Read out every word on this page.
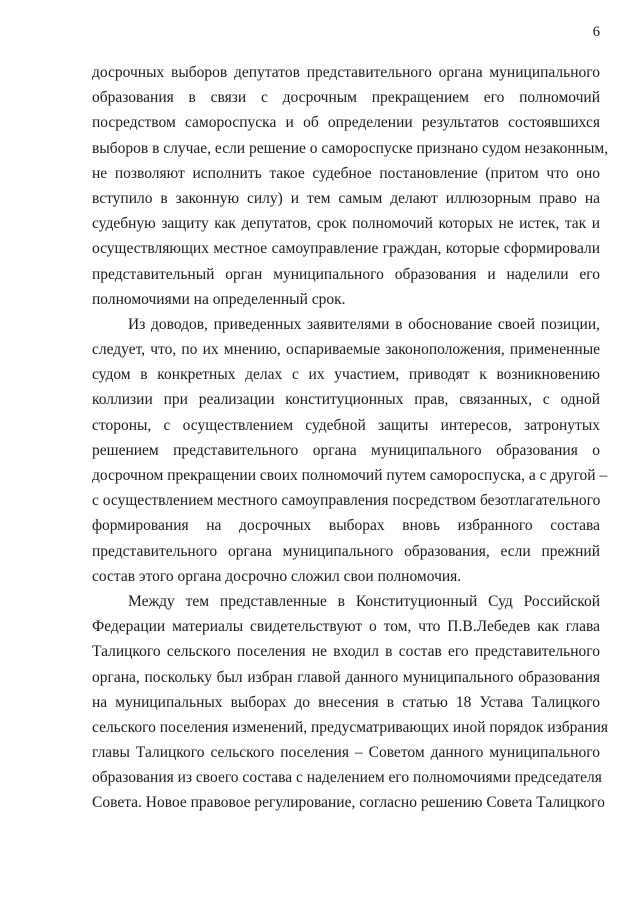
6

досрочных выборов депутатов представительного органа муниципального
образования в связи с досрочным прекращением его полномочий
посредством самороспуска и об определении результатов состоявшихся
выборов в случае, если решение о самороспуске признано судом незаконным,
не позволяют исполнить такое судебное постановление (притом что оно
вступило в законную силу) и тем самым делают иллюзорным право на
судебную защиту как депутатов, срок полномочий которых не истек, так и
осуществляющих местное самоуправление граждан, которые сформировали
представительный орган муниципального образования и наделили его
полномочиями на определенный срок.

Из доводов, приведенных заявителями в обоснование своей позиции,
следует, что, по их мнению, оспариваемые законоположения, примененные
судом в конкретных делах с их участием, приводят к возникновению
коллизии при реализации конституционных прав, связанных, с одной
стороны, с осуществлением судебной защиты интересов, затронутых
решением представительного органа муниципального образования о
досрочном прекращении своих полномочий путем самороспуска, а с другой –
с осуществлением местного самоуправления посредством безотлагательного
формирования на досрочных выборах вновь избранного состава
представительного органа муниципального образования, если прежний
состав этого органа досрочно сложил свои полномочия.

Между тем представленные в Конституционный Суд Российской
Федерации материалы свидетельствуют о том, что П.В.Лебедев как глава
Талицкого сельского поселения не входил в состав его представительного
органа, поскольку был избран главой данного муниципального образования
на муниципальных выборах до внесения в статью 18 Устава Талицкого
сельского поселения изменений, предусматривающих иной порядок избрания
главы Талицкого сельского поселения – Советом данного муниципального
образования из своего состава с наделением его полномочиями председателя
Совета. Новое правовое регулирование, согласно решению Совета Талицкого
